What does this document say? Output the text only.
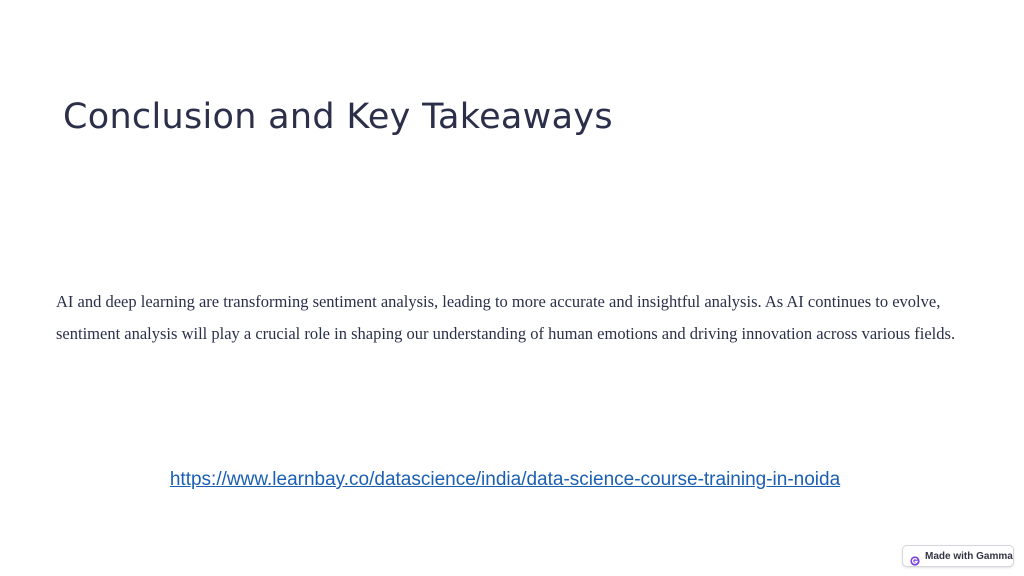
Conclusion and Key Takeaways

AI and deep learning are transforming sentiment analysis, leading to more accurate and insightful analysis. As AI continues to evolve, sentiment analysis will play a crucial role in shaping our understanding of human emotions and driving innovation across various fields.

https://www.learnbay.co/datascience/india/data-science-course-training-in-noida
Made with Gamma
